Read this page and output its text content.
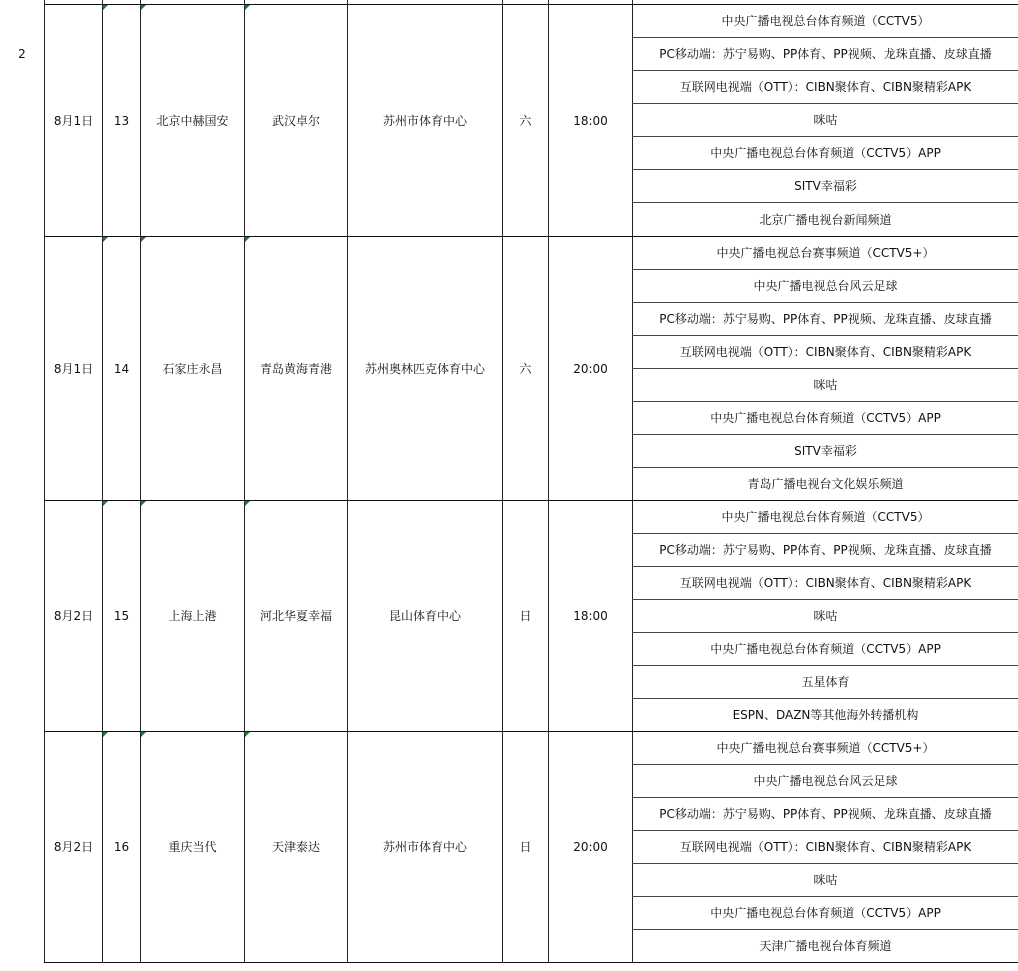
2
8月1日	13	北京中赫国安	武汉卓尔	苏州市体育中心	六	18:00
中央广播电视总台体育频道（CCTV5）
PC移动端：苏宁易购、PP体育、PP视频、龙珠直播、皮球直播
互联网电视端（OTT）：CIBN聚体育、CIBN聚精彩APK
咪咕
中央广播电视总台体育频道（CCTV5）APP
SITV幸福彩
北京广播电视台新闻频道
8月1日	14	石家庄永昌	青岛黄海青港	苏州奥林匹克体育中心	六	20:00
中央广播电视总台赛事频道（CCTV5+）
中央广播电视总台风云足球
PC移动端：苏宁易购、PP体育、PP视频、龙珠直播、皮球直播
互联网电视端（OTT）：CIBN聚体育、CIBN聚精彩APK
咪咕
中央广播电视总台体育频道（CCTV5）APP
SITV幸福彩
青岛广播电视台文化娱乐频道
8月2日	15	上海上港	河北华夏幸福	昆山体育中心	日	18:00
中央广播电视总台体育频道（CCTV5）
PC移动端：苏宁易购、PP体育、PP视频、龙珠直播、皮球直播
互联网电视端（OTT）：CIBN聚体育、CIBN聚精彩APK
咪咕
中央广播电视总台体育频道（CCTV5）APP
五星体育
ESPN、DAZN等其他海外转播机构
8月2日	16	重庆当代	天津泰达	苏州市体育中心	日	20:00
中央广播电视总台赛事频道（CCTV5+）
中央广播电视总台风云足球
PC移动端：苏宁易购、PP体育、PP视频、龙珠直播、皮球直播
互联网电视端（OTT）：CIBN聚体育、CIBN聚精彩APK
咪咕
中央广播电视总台体育频道（CCTV5）APP
天津广播电视台体育频道
